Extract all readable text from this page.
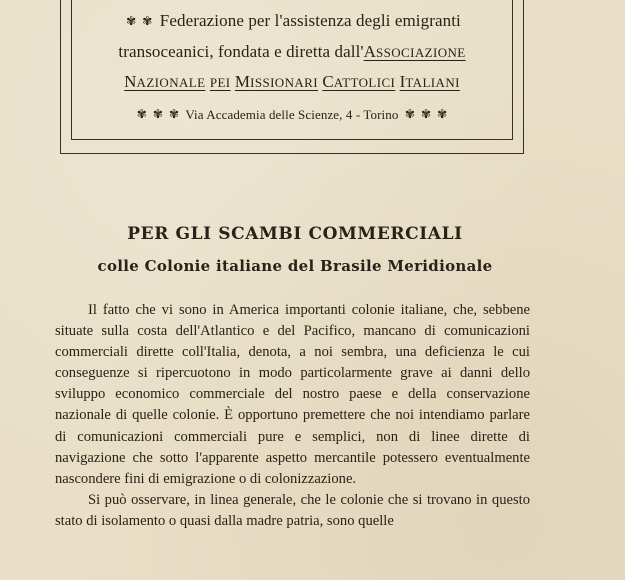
✾ ✾ Federazione per l'assistenza degli emigranti
transoceanici, fondata e diretta dall'ASSOCIAZIONE
NAZIONALE PEI MISSIONARI CATTOLICI ITALIANI
✾ ✾ ✾ Via Accademia delle Scienze, 4 - Torino ✾ ✾ ✾
PER GLI SCAMBI COMMERCIALI
colle Colonie italiane del Brasile Meridionale

Il fatto che vi sono in America importanti colonie italiane, che, sebbene situate sulla costa dell'Atlantico e del Pacifico, mancano di comunicazioni commerciali dirette coll'Italia, denota, a noi sembra, una deficienza le cui conseguenze si ripercuotono in modo particolarmente grave ai danni dello sviluppo economico commerciale del nostro paese e della conservazione nazionale di quelle colonie. È opportuno premettere che noi intendiamo parlare di comunicazioni commerciali pure e semplici, non di linee dirette di navigazione che sotto l'apparente aspetto mercantile potessero eventualmente nascondere fini di emigrazione o di colonizzazione.

Si può osservare, in linea generale, che le colonie che si trovano in questo stato di isolamento o quasi dalla madre patria, sono quelle
